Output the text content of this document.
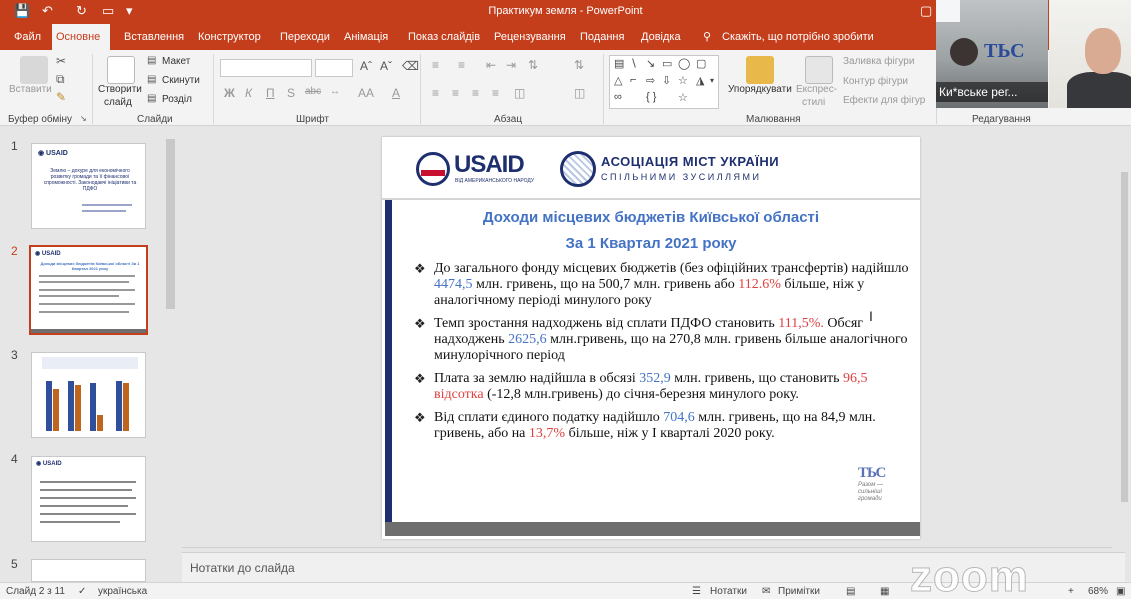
💾 ↶ ↻ ▭ ▾	Практикум земля - PowerPoint	▢
Файл	Основне	Вставлення	Конструктор	Переходи	Анімація	Показ слайдів	Рецензування	Подання	Довідка	⚲ Скажіть, що потрібно зробити
Вставити
✂
⧉
✎
Буфер обміну ↘
Створити
слайд
▤ Макет
▤ Скинути
▤ Розділ
Слайди
Aˆ Aˇ ⌫
Ж К П S abc ↔ AA A
Шрифт
≡ ≡ ⇤ ⇥ ⇅	⇅
≡ ≡ ≡ ≡ ◫	◫
Абзац	Малювання
Упорядкувати Експрес-
стилі
Заливка фігури
Контур фігури
Ефекти для фігур
Редагування
▤ ∖ ↘ ▭ ◯ ▢
△ ⌐ ⇨ ⇩ ☆ ◮
∞ { } ☆
▾
1
◉ USAID
Землю – дохуре для економічного розвитку громади та її фінансової спроможності. Законодавчі ініціативи та ПДФО
2	◉ USAID
Доходи місцевих бюджетів Київської області За 1 Квартал 2021 року
3
4	◉ USAID
5
USAID
ВІД АМЕРИКАНСЬКОГО НАРОДУ
АСОЦІАЦІЯ МІСТ УКРАЇНИ
СПІЛЬНИМИ ЗУСИЛЛЯМИ
Доходи місцевих бюджетів Київської області
За 1 Квартал 2021 року
❖ До загального фонду місцевих бюджетів (без офіційних трансфертів) надійшло 4474,5 млн. гривень, що на 500,7 млн. гривень або 112.6% більше, ніж у аналогічному періоді минулого року
❖ Темп зростання надходжень від сплати ПДФО становить 111,5%. Обсяг надходжень 2625,6 млн.гривень, що на 270,8 млн. гривень більше аналогічного минулорічного період
❖ Плата за землю надійшла в обсязі 352,9 млн. гривень, що становить 96,5 відсотка (-12,8 млн.гривень) до січня-березня минулого року.
❖ Від сплати єдиного податку надійшло 704,6 млн. гривень, що на 84,9 млн. гривень, або на 13,7% більше, ніж у І кварталі 2020 року.
ТЬС
Разом — сильніші громади
I
Нотатки до слайда
Слайд 2 з 11 ✓ українська	☰ Нотатки ✉ Примітки	▤ ▦	+ 68% ▣
zoom
ТЬС
Ки*вське рег...
